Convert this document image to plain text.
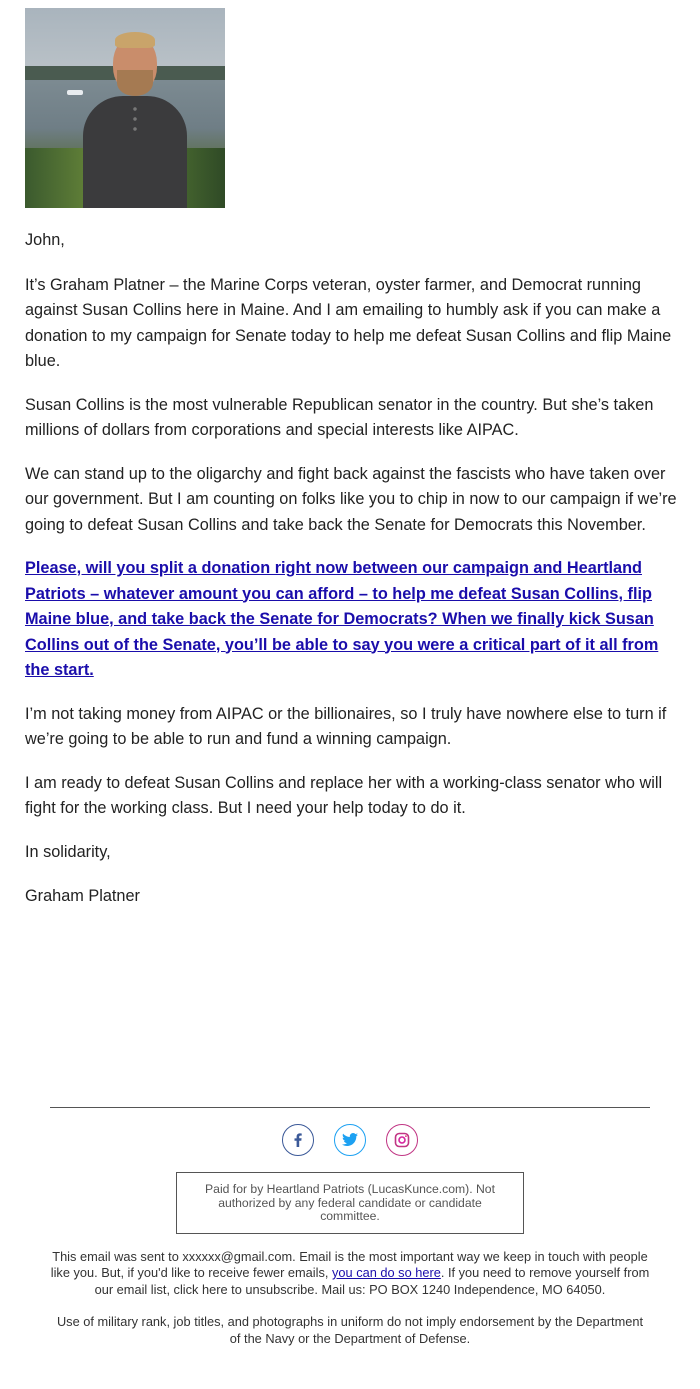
John,

It’s Graham Platner – the Marine Corps veteran, oyster farmer, and Democrat running against Susan Collins here in Maine. And I am emailing to humbly ask if you can make a donation to my campaign for Senate today to help me defeat Susan Collins and flip Maine blue.

Susan Collins is the most vulnerable Republican senator in the country. But she’s taken millions of dollars from corporations and special interests like AIPAC.

We can stand up to the oligarchy and fight back against the fascists who have taken over our government. But I am counting on folks like you to chip in now to our campaign if we’re going to defeat Susan Collins and take back the Senate for Democrats this November.

Please, will you split a donation right now between our campaign and Heartland Patriots – whatever amount you can afford – to help me defeat Susan Collins, flip Maine blue, and take back the Senate for Democrats? When we finally kick Susan Collins out of the Senate, you’ll be able to say you were a critical part of it all from the start.

I’m not taking money from AIPAC or the billionaires, so I truly have nowhere else to turn if we’re going to be able to run and fund a winning campaign.

I am ready to defeat Susan Collins and replace her with a working-class senator who will fight for the working class. But I need your help today to do it.

In solidarity,

Graham Platner

Paid for by Heartland Patriots (LucasKunce.com). Not authorized by any federal candidate or candidate committee.

This email was sent to xxxxxx@gmail.com. Email is the most important way we keep in touch with people like you. But, if you'd like to receive fewer emails, you can do so here. If you need to remove yourself from our email list, click here to unsubscribe. Mail us: PO BOX 1240 Independence, MO 64050.

Use of military rank, job titles, and photographs in uniform do not imply endorsement by the Department of the Navy or the Department of Defense.
